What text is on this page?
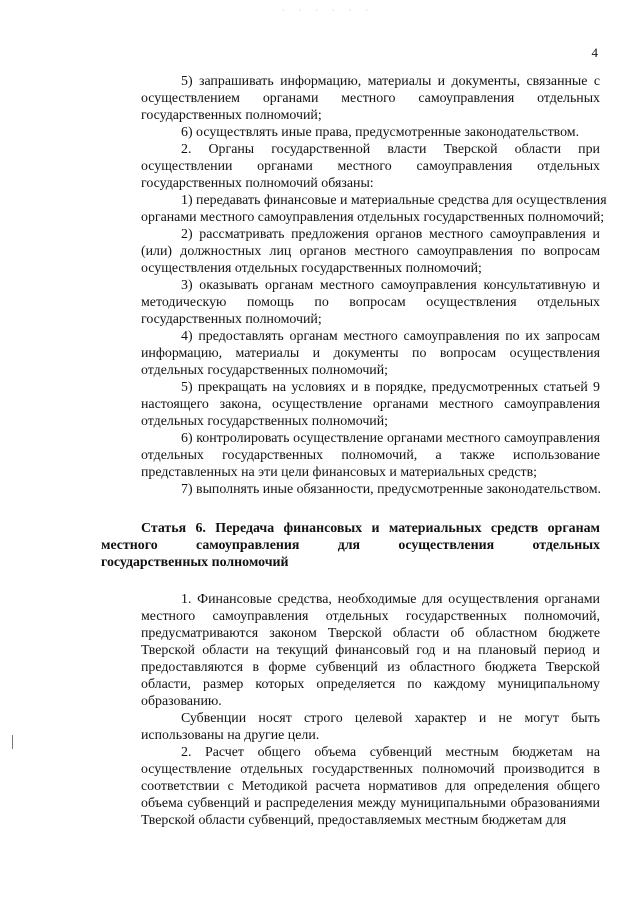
· · · · · ·
4
5) запрашивать информацию, материалы и документы, связанные с
осуществлением органами местного самоуправления отдельных
государственных полномочий;
6) осуществлять иные права, предусмотренные законодательством.
2. Органы государственной власти Тверской области при
осуществлении органами местного самоуправления отдельных
государственных полномочий обязаны:
1) передавать финансовые и материальные средства для осуществления
органами местного самоуправления отдельных государственных полномочий;
2) рассматривать предложения органов местного самоуправления и
(или) должностных лиц органов местного самоуправления по вопросам
осуществления отдельных государственных полномочий;
3) оказывать органам местного самоуправления консультативную и
методическую помощь по вопросам осуществления отдельных
государственных полномочий;
4) предоставлять органам местного самоуправления по их запросам
информацию, материалы и документы по вопросам осуществления
отдельных государственных полномочий;
5) прекращать на условиях и в порядке, предусмотренных статьей 9
настоящего закона, осуществление органами местного самоуправления
отдельных государственных полномочий;
6) контролировать осуществление органами местного самоуправления
отдельных государственных полномочий, а также использование
представленных на эти цели финансовых и материальных средств;
7) выполнять иные обязанности, предусмотренные законодательством.
Статья 6. Передача финансовых и материальных средств органам
местного самоуправления для осуществления отдельных
государственных полномочий
1. Финансовые средства, необходимые для осуществления органами
местного самоуправления отдельных государственных полномочий,
предусматриваются законом Тверской области об областном бюджете
Тверской области на текущий финансовый год и на плановый период и
предоставляются в форме субвенций из областного бюджета Тверской
области, размер которых определяется по каждому муниципальному
образованию.
Субвенции носят строго целевой характер и не могут быть
использованы на другие цели.
2. Расчет общего объема субвенций местным бюджетам на
осуществление отдельных государственных полномочий производится в
соответствии с Методикой расчета нормативов для определения общего
объема субвенций и распределения между муниципальными образованиями
Тверской области субвенций, предоставляемых местным бюджетам для
